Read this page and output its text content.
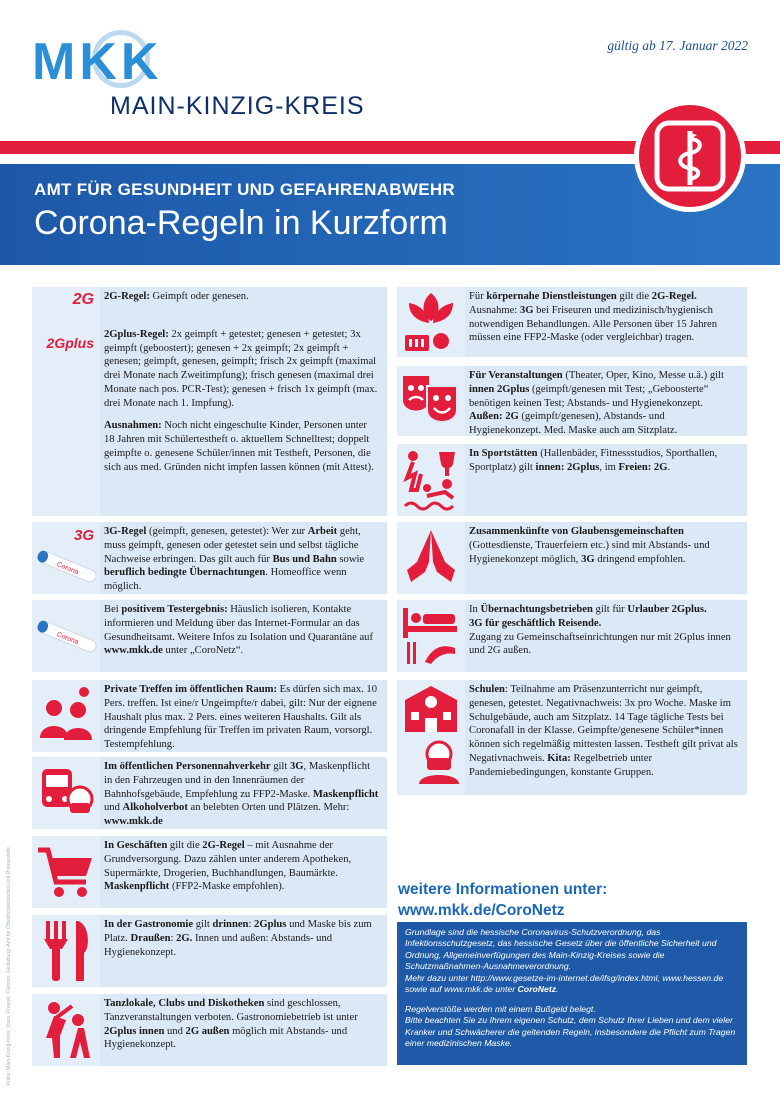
MKK
MAIN-KINZIG-KREIS
gültig ab 17. Januar 2022
AMT FÜR GESUNDHEIT UND GEFAHRENABWEHR
Corona-Regeln in Kurzform
2G
2Gplus

2G-Regel: Geimpft oder genesen.

2Gplus-Regel: 2x geimpft + getestet; genesen + getestet; 3x geimpft (geboostert); genesen + 2x geimpft; 2x geimpft + genesen; geimpft, genesen, geimpft; frisch 2x geimpft (maximal drei Monate nach Zweitimpfung); frisch genesen (maximal drei Monate nach pos. PCR-Test); genesen + frisch 1x geimpft (max. drei Monate nach 1. Impfung).

Ausnahmen: Noch nicht eingeschulte Kinder, Personen unter 18 Jahren mit Schülertestheft o. aktuellem Schnelltest; doppelt geimpfte o. genesene Schüler/innen mit Testheft, Personen, die sich aus med. Gründen nicht impfen lassen können (mit Attest).

3G
Corona

3G-Regel (geimpft, genesen, getestet): Wer zur Arbeit geht, muss geimpft, genesen oder getestet sein und selbst tägliche Nachweise erbringen. Das gilt auch für Bus und Bahn sowie beruflich bedingte Übernachtungen. Homeoffice wenn möglich.

Corona

Bei positivem Testergebnis: Häuslich isolieren, Kontakte informieren und Meldung über das Internet-Formular an das Gesundheitsamt. Weitere Infos zu Isolation und Quarantäne auf www.mkk.de unter „CoroNetz“.

Private Treffen im öffentlichen Raum: Es dürfen sich max. 10 Pers. treffen. Ist eine/r Ungeimpfte/r dabei, gilt: Nur der eignene Haushalt plus max. 2 Pers. eines weiteren Haushalts. Gilt als dringende Empfehlung für Treffen im privaten Raum, vorsorgl. Testempfehlung.

Im öffentlichen Personennahverkehr gilt 3G, Maskenpflicht in den Fahrzeugen und in den Innenräumen der Bahnhofsgebäude, Empfehlung zu FFP2-Maske. Maskenpflicht und Alkoholverbot an belebten Orten und Plätzen. Mehr: www.mkk.de

In Geschäften gilt die 2G-Regel – mit Ausnahme der Grundversorgung. Dazu zählen unter anderem Apotheken, Supermärkte, Drogerien, Buchhandlungen, Baumärkte. Maskenpflicht (FFP2-Maske empfohlen).

In der Gastronomie gilt drinnen: 2Gplus und Maske bis zum Platz. Draußen: 2G. Innen und außen: Abstands- und Hygienekonzept.

Tanzlokale, Clubs und Diskotheken sind geschlossen, Tanzveranstaltungen verboten. Gastronomiebetrieb ist unter 2Gplus innen und 2G außen möglich mit Abstands- und Hygienekonzept.

Für körpernahe Dienstleistungen gilt die 2G-Regel. Ausnahme: 3G bei Friseuren und medizinisch/hygienisch notwendigen Behandlungen. Alle Personen über 15 Jahren müssen eine FFP2-Maske (oder vergleichbar) tragen.

Für Veranstaltungen (Theater, Oper, Kino, Messe u.ä.) gilt innen 2Gplus (geimpft/genesen mit Test; „Geboosterte“ benötigen keinen Test; Abstands- und Hygienekonzept. Außen: 2G (geimpft/genesen), Abstands- und Hygienekonzept. Med. Maske auch am Sitzplatz.

In Sportstätten (Hallenbäder, Fitnessstudios, Sporthallen, Sportplatz) gilt innen: 2Gplus, im Freien: 2G.

Zusammenkünfte von Glaubensgemeinschaften (Gottesdienste, Trauerfeiern etc.) sind mit Abstands- und Hygienekonzept möglich, 3G dringend empfohlen.

In Übernachtungsbetrieben gilt für Urlauber 2Gplus.
3G für geschäftlich Reisende.
Zugang zu Gemeinschaftseinrichtungen nur mit 2Gplus innen und 2G außen.

Schulen: Teilnahme am Präsenzunterricht nur geimpft, genesen, getestet. Negativnachweis: 3x pro Woche. Maske im Schulgebäude, auch am Sitzplatz. 14 Tage tägliche Tests bei Coronafall in der Klasse. Geimpfte/genesene Schüler*innen können sich regelmäßig mittesten lassen. Testheft gilt privat als Negativnachweis. Kita: Regelbetrieb unter Pandemiebedingungen, konstante Gruppen.

weitere Informationen unter:
www.mkk.de/CoroNetz

Grundlage sind die hessische Coronavirus-Schutzverordnung, das Infektionsschutzgesetz, das hessische Gesetz über die öffentliche Sicherheit und Ordnung, Allgemeinverfügungen des Main-Kinzig-Kreises sowie die Schutzmaßnahmen-Ausnahmeverordnung.

Mehr dazu unter http://www.gesetze-im-internet.de/ifsg/index.html, www.hessen.de sowie auf www.mkk.de unter CoroNetz.

Regelverstöße werden mit einem Bußgeld belegt.

Bitte beachten Sie zu Ihrem eigenen Schutz, dem Schutz Ihrer Lieben und dem vieler Kranker und Schwächerer die geltenden Regeln, insbesondere die Pflicht zum Tragen einer medizinischen Maske.

Fotos: Main-Kinzig-Kreis; Icons: Freepik, Flaticon; Gestaltung: Amt für Öffentlichkeitsarbeit und Pressestelle
